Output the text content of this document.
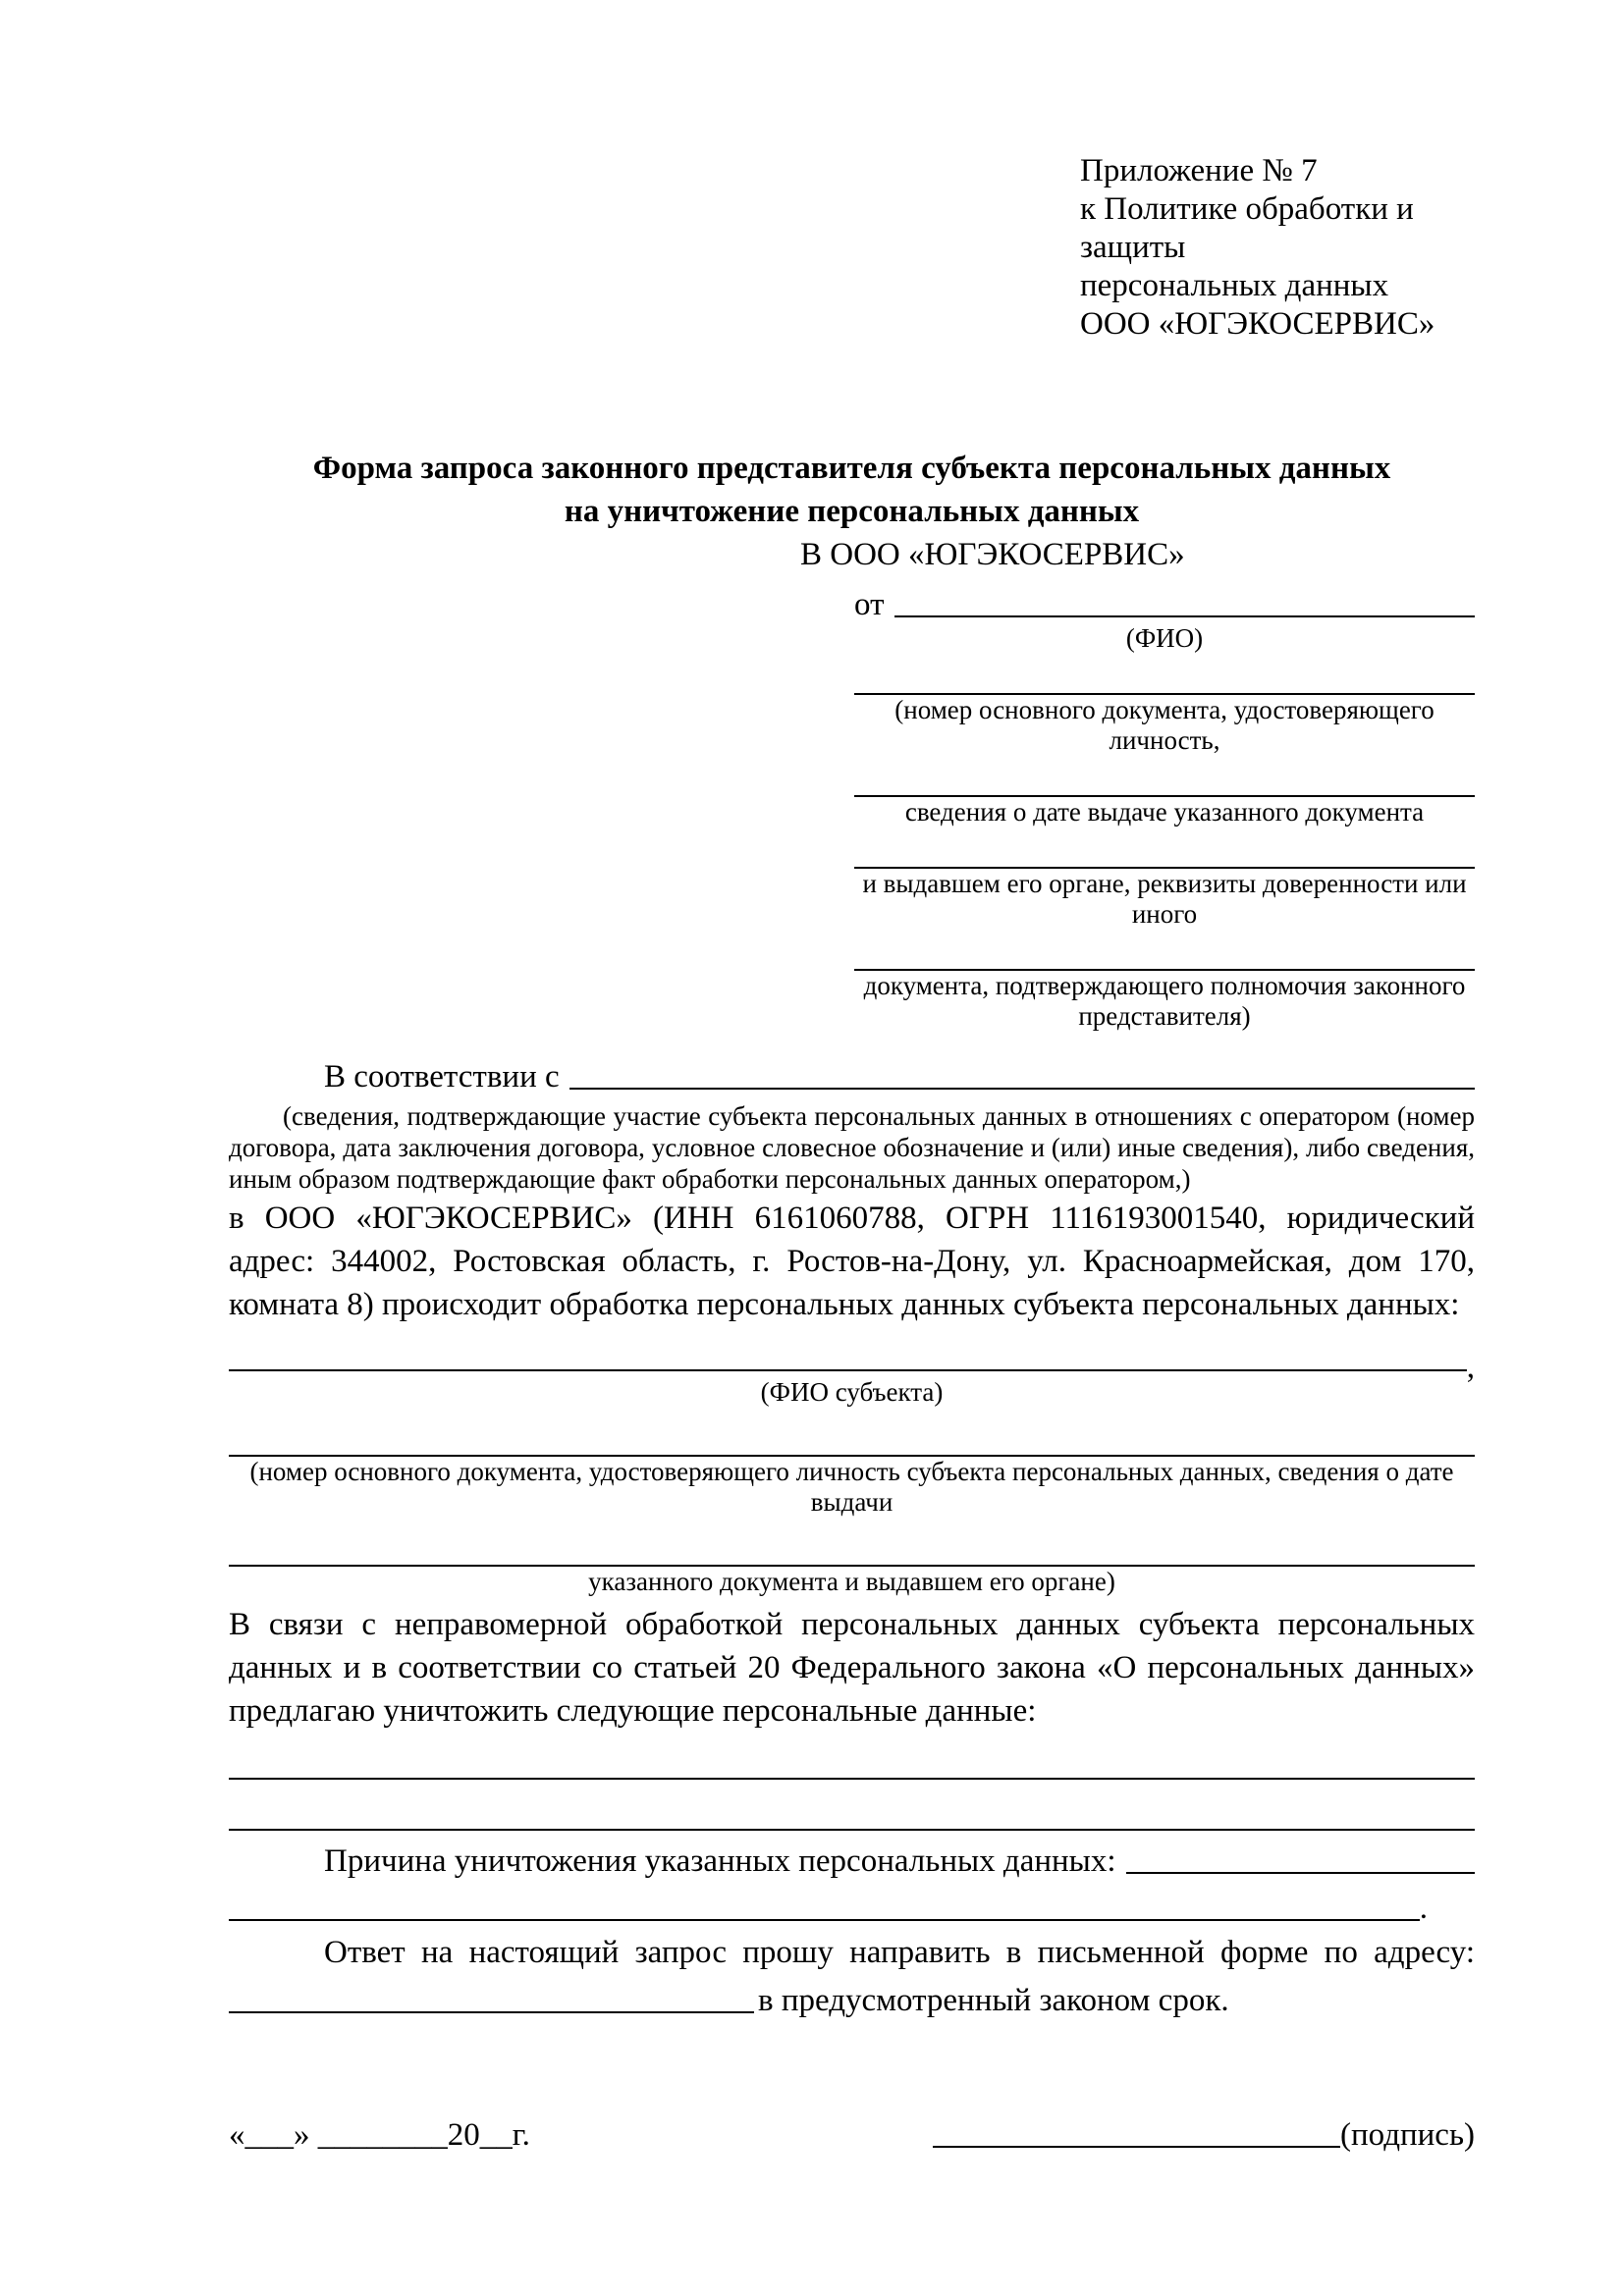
Приложение № 7
к Политике обработки и защиты
персональных данных
ООО «ЮГЭКОСЕРВИС»
Форма запроса законного представителя субъекта персональных данных
на уничтожение персональных данных
В ООО «ЮГЭКОСЕРВИС»
от
(ФИО)
(номер основного документа, удостоверяющего личность,
сведения о дате выдаче указанного документа
и выдавшем его органе, реквизиты доверенности или иного
документа, подтверждающего полномочия законного представителя)
В соответствии с
(сведения, подтверждающие участие субъекта персональных данных в отношениях с оператором (номер договора, дата заключения договора, условное словесное обозначение и (или) иные сведения), либо сведения, иным образом подтверждающие факт обработки персональных данных оператором,)
в ООО «ЮГЭКОСЕРВИС» (ИНН 6161060788, ОГРН 1116193001540, юридический адрес: 344002, Ростовская область, г. Ростов-на-Дону, ул. Красноармейская, дом 170, комната 8) происходит обработка персональных данных субъекта персональных данных:
,
(ФИО субъекта)
(номер основного документа, удостоверяющего личность субъекта персональных данных, сведения о дате выдачи
указанного документа и выдавшем его органе)
В связи с неправомерной обработкой персональных данных субъекта персональных данных и в соответствии со статьей 20 Федерального закона «О персональных данных» предлагаю уничтожить следующие персональные данные:
Причина уничтожения указанных персональных данных:
.
Ответ на настоящий запрос прошу направить в письменной форме по адресу:
в предусмотренный законом срок.
«___» ________20__г.	(подпись)
